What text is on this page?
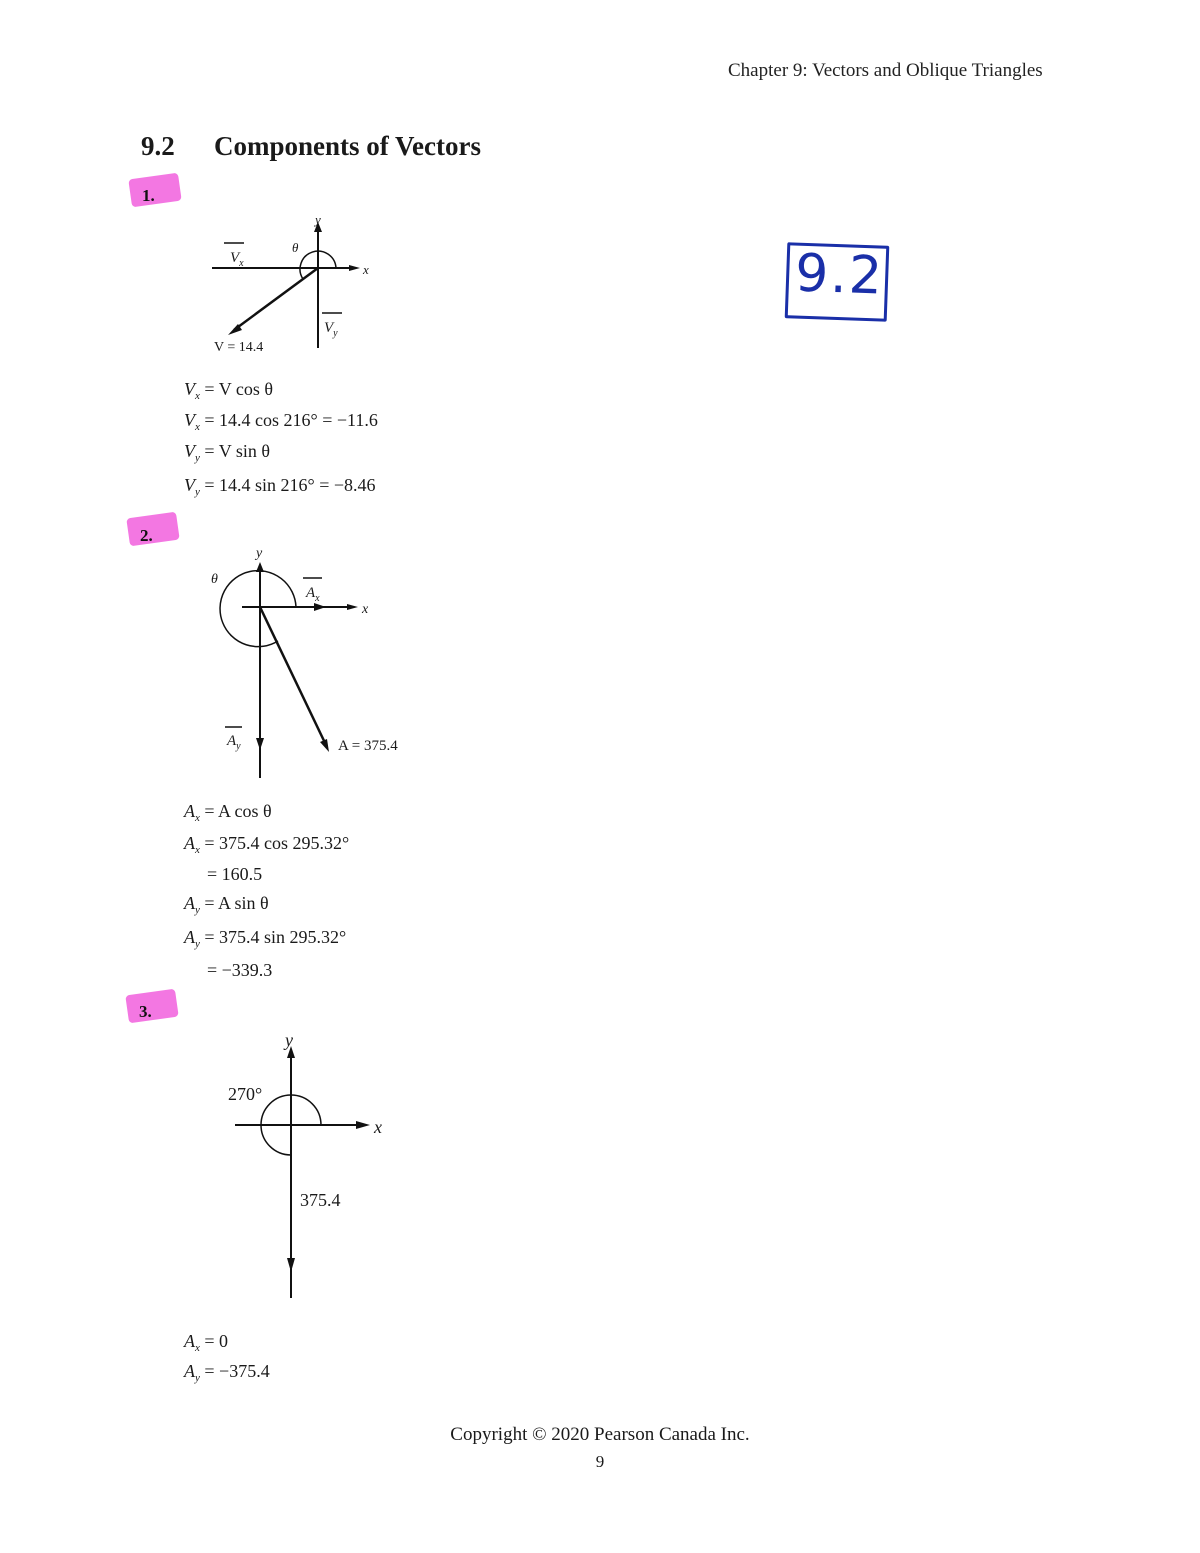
Chapter 9: Vectors and Oblique Triangles
9.2 Components of Vectors
9.2
1.
y
x
θ
$V_x$
$V_y$
V = 14.4
$V_x = V$ cos θ
$V_x = 14.4$ cos 216° = −11.6
$V_y = V$ sin θ
$V_y = 14.4$ sin 216° = −8.46
2.
y
x
θ
$A_x$
$A_y$	A = 375.4
$A_x = A$ cos θ
$A_x = 375.4$ cos 295.32°
= 160.5
$A_y = A$ sin θ
$A_y = 375.4$ sin 295.32°
= −339.3
3.
y
x
270°
375.4
$A_x = 0$
$A_y = -375.4$
Copyright © 2020 Pearson Canada Inc.
9
